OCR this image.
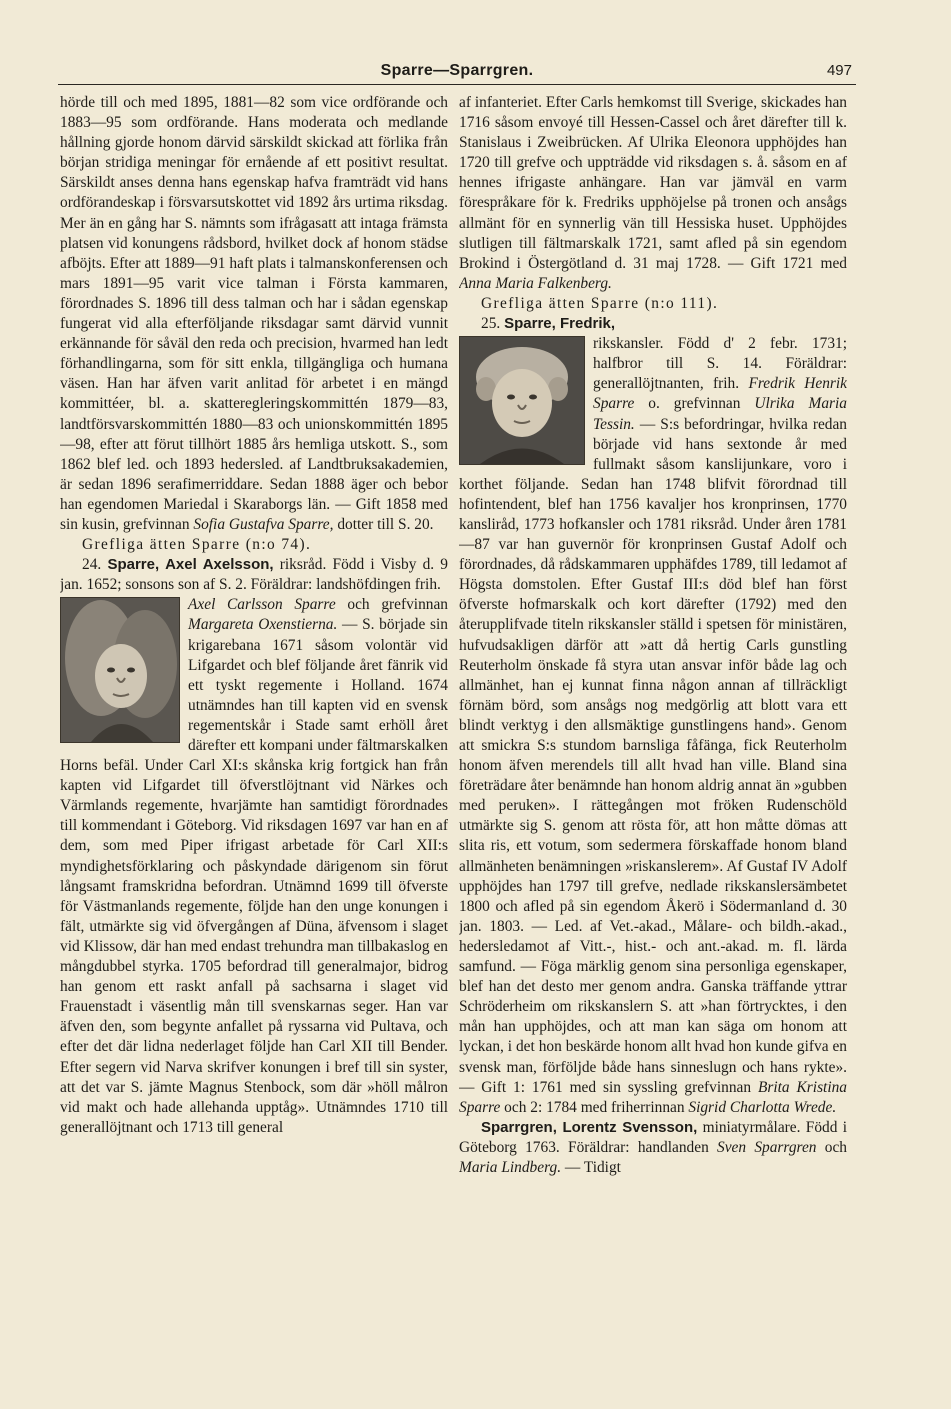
Sparre—Sparrgren.	497

hörde till och med 1895, 1881—82 som vice ordförande och 1883—95 som ordförande. Hans moderata och medlande hållning gjorde honom därvid särskildt skickad att förlika från början stridiga meningar för ernående af ett positivt resultat. Särskildt anses denna hans egenskap hafva framträdt vid hans ordförandeskap i försvarsutskottet vid 1892 års urtima riksdag. Mer än en gång har S. nämnts som ifrågasatt att intaga främsta platsen vid konungens rådsbord, hvilket dock af honom städse afböjts. Efter att 1889—91 haft plats i talmanskonferensen och mars 1891—95 varit vice talman i Första kammaren, förordnades S. 1896 till dess talman och har i sådan egenskap fungerat vid alla efterföljande riksdagar samt därvid vunnit erkännande för såväl den reda och precision, hvarmed han ledt förhandlingarna, som för sitt enkla, tillgängliga och humana väsen. Han har äfven varit anlitad för arbetet i en mängd kommittéer, bl. a. skatteregleringskommittén 1879—83, landtförsvarskommittén 1880—83 och unionskommittén 1895—98, efter att förut tillhört 1885 års hemliga utskott. S., som 1862 blef led. och 1893 hedersled. af Landtbruksakademien, är sedan 1896 serafimerriddare. Sedan 1888 äger och bebor han egendomen Mariedal i Skaraborgs län. — Gift 1858 med sin kusin, grefvinnan Sofia Gustafva Sparre, dotter till S. 20.

Grefliga ätten Sparre (n:o 74).

24. Sparre, Axel Axelsson, riksråd. Född i Visby d. 9 jan. 1652; sonsons son af S. 2. Föräldrar: landshöfdingen frih.

Axel Carlsson Sparre och grefvinnan Margareta Oxenstierna. — S. började sin krigarebana 1671 såsom volontär vid Lifgardet och blef följande året fänrik vid ett tyskt regemente i Holland. 1674 utnämndes han till kapten vid en svensk regementskår i Stade samt erhöll året därefter ett kompani under fältmarskalken Horns befäl. Under Carl XI:s skånska krig fortgick han från kapten vid Lifgardet till öfverstlöjtnant vid Närkes och Värmlands regemente, hvarjämte han samtidigt förordnades till kommendant i Göteborg. Vid riksdagen 1697 var han en af dem, som med Piper ifrigast arbetade för Carl XII:s myndighetsförklaring och påskyndade därigenom sin förut långsamt framskridna befordran. Utnämnd 1699 till öfverste för Västmanlands regemente, följde han den unge konungen i fält, utmärkte sig vid öfvergången af Düna, äfvensom i slaget vid Klissow, där han med endast trehundra man tillbakaslog en mångdubbel styrka. 1705 befordrad till generalmajor, bidrog han genom ett raskt anfall på sachsarna i slaget vid Frauenstadt i väsentlig mån till svenskarnas seger. Han var äfven den, som begynte anfallet på ryssarna vid Pultava, och efter det där lidna nederlaget följde han Carl XII till Bender. Efter segern vid Narva skrifver konungen i bref till sin syster, att det var S. jämte Magnus Stenbock, som där »höll målron vid makt och hade allehanda upptåg». Utnämndes 1710 till generallöjtnant och 1713 till general

af infanteriet. Efter Carls hemkomst till Sverige, skickades han 1716 såsom envoyé till Hessen-Cassel och året därefter till k. Stanislaus i Zweibrücken. Af Ulrika Eleonora upphöjdes han 1720 till grefve och uppträdde vid riksdagen s. å. såsom en af hennes ifrigaste anhängare. Han var jämväl en varm förespråkare för k. Fredriks upphöjelse på tronen och ansågs allmänt för en synnerlig vän till Hessiska huset. Upphöjdes slutligen till fältmarskalk 1721, samt afled på sin egendom Brokind i Östergötland d. 31 maj 1728. — Gift 1721 med Anna Maria Falkenberg.

Grefliga ätten Sparre (n:o 111).

25. Sparre, Fredrik,

rikskansler. Född d' 2 febr. 1731; halfbror till S. 14. Föräldrar: generallöjtnanten, frih. Fredrik Henrik Sparre o. grefvinnan Ulrika Maria Tessin. — S:s befordringar, hvilka redan började vid hans sextonde år med fullmakt såsom kanslijunkare, voro i korthet följande. Sedan han 1748 blifvit förordnad till hofintendent, blef han 1756 kavaljer hos kronprinsen, 1770 kansliråd, 1773 hofkansler och 1781 riksråd. Under åren 1781—87 var han guvernör för kronprinsen Gustaf Adolf och förordnades, då rådskammaren upphäfdes 1789, till ledamot af Högsta domstolen. Efter Gustaf III:s död blef han först öfverste hofmarskalk och kort därefter (1792) med den återupplifvade titeln rikskansler ställd i spetsen för ministären, hufvudsakligen därför att »att då hertig Carls gunstling Reuterholm önskade få styra utan ansvar inför både lag och allmänhet, han ej kunnat finna någon annan af tillräckligt förnäm börd, som ansågs nog medgörlig att blott vara ett blindt verktyg i den allsmäktige gunstlingens hand». Genom att smickra S:s stundom barnsliga fåfänga, fick Reuterholm honom äfven merendels till allt hvad han ville. Bland sina företrädare åter benämnde han honom aldrig annat än »gubben med peruken». I rättegången mot fröken Rudenschöld utmärkte sig S. genom att rösta för, att hon måtte dömas att slita ris, ett votum, som sedermera förskaffade honom bland allmänheten benämningen »riskanslerem». Af Gustaf IV Adolf upphöjdes han 1797 till grefve, nedlade rikskanslersämbetet 1800 och afled på sin egendom Åkerö i Södermanland d. 30 jan. 1803. — Led. af Vet.-akad., Målare- och bildh.-akad., hedersledamot af Vitt.-, hist.- och ant.-akad. m. fl. lärda samfund. — Föga märklig genom sina personliga egenskaper, blef han det desto mer genom andra. Ganska träffande yttrar Schröderheim om rikskanslern S. att »han förtrycktes, i den mån han upphöjdes, och att man kan säga om honom att lyckan, i det hon beskärde honom allt hvad hon kunde gifva en svensk man, förföljde både hans sinneslugn och hans rykte». — Gift 1: 1761 med sin syssling grefvinnan Brita Kristina Sparre och 2: 1784 med friherrinnan Sigrid Charlotta Wrede.

Sparrgren, Lorentz Svensson, miniatyrmålare. Född i Göteborg 1763. Föräldrar: handlanden Sven Sparrgren och Maria Lindberg. — Tidigt
